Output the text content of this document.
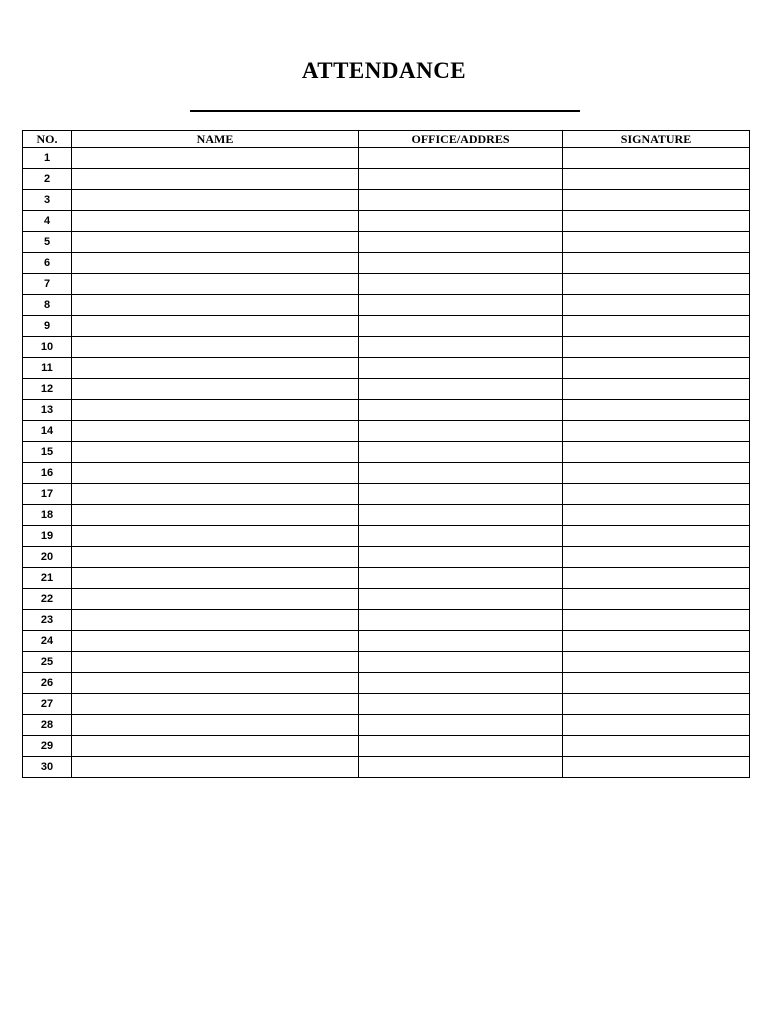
ATTENDANCE
NO.	NAME	OFFICE/ADDRES	SIGNATURE
1			
2			
3			
4			
5			
6			
7			
8			
9			
10			
11			
12			
13			
14			
15			
16			
17			
18			
19			
20			
21			
22			
23			
24			
25			
26			
27			
28			
29			
30			
